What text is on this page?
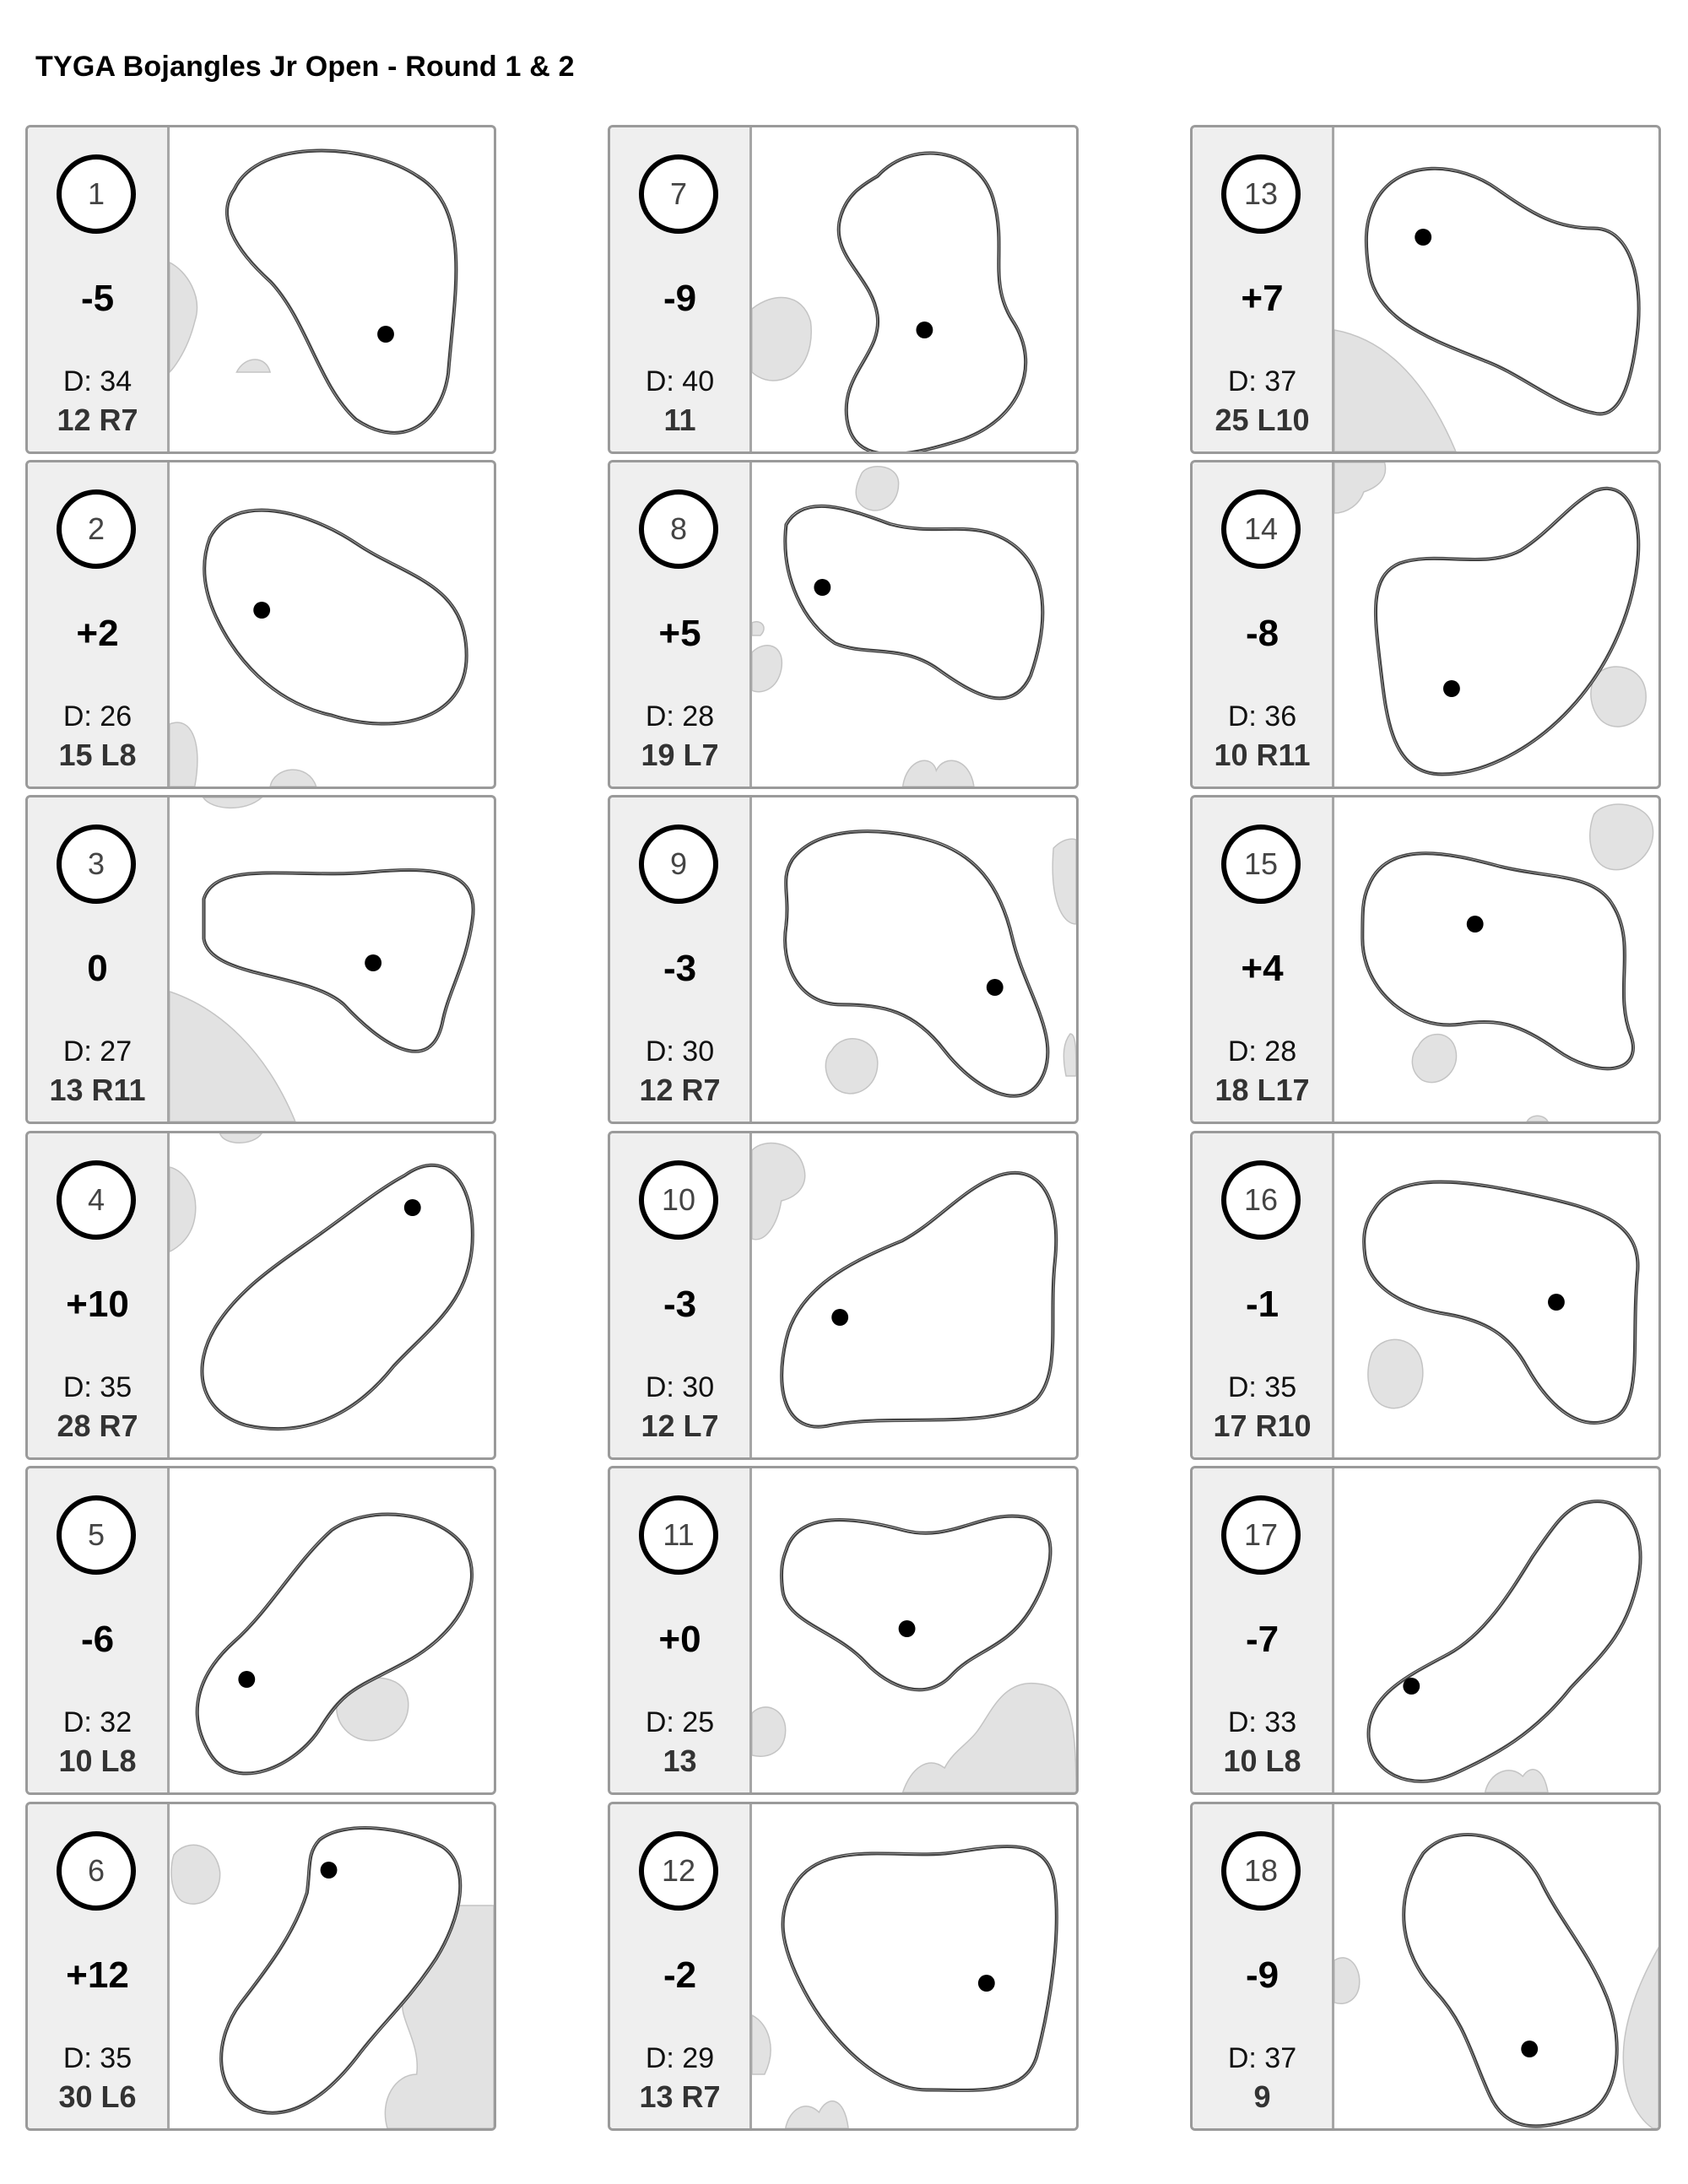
TYGA Bojangles Jr Open - Round 1 & 2
1
-5
D: 34
12 R7
2
+2
D: 26
15 L8
3
0
D: 27
13 R11
4
+10
D: 35
28 R7
5
-6
D: 32
10 L8
6
+12
D: 35
30 L6
7
-9
D: 40
11
8
+5
D: 28
19 L7
9
-3
D: 30
12 R7
10
-3
D: 30
12 L7
11
+0
D: 25
13
12
-2
D: 29
13 R7
13
+7
D: 37
25 L10
14
-8
D: 36
10 R11
15
+4
D: 28
18 L17
16
-1
D: 35
17 R10
17
-7
D: 33
10 L8
18
-9
D: 37
9
